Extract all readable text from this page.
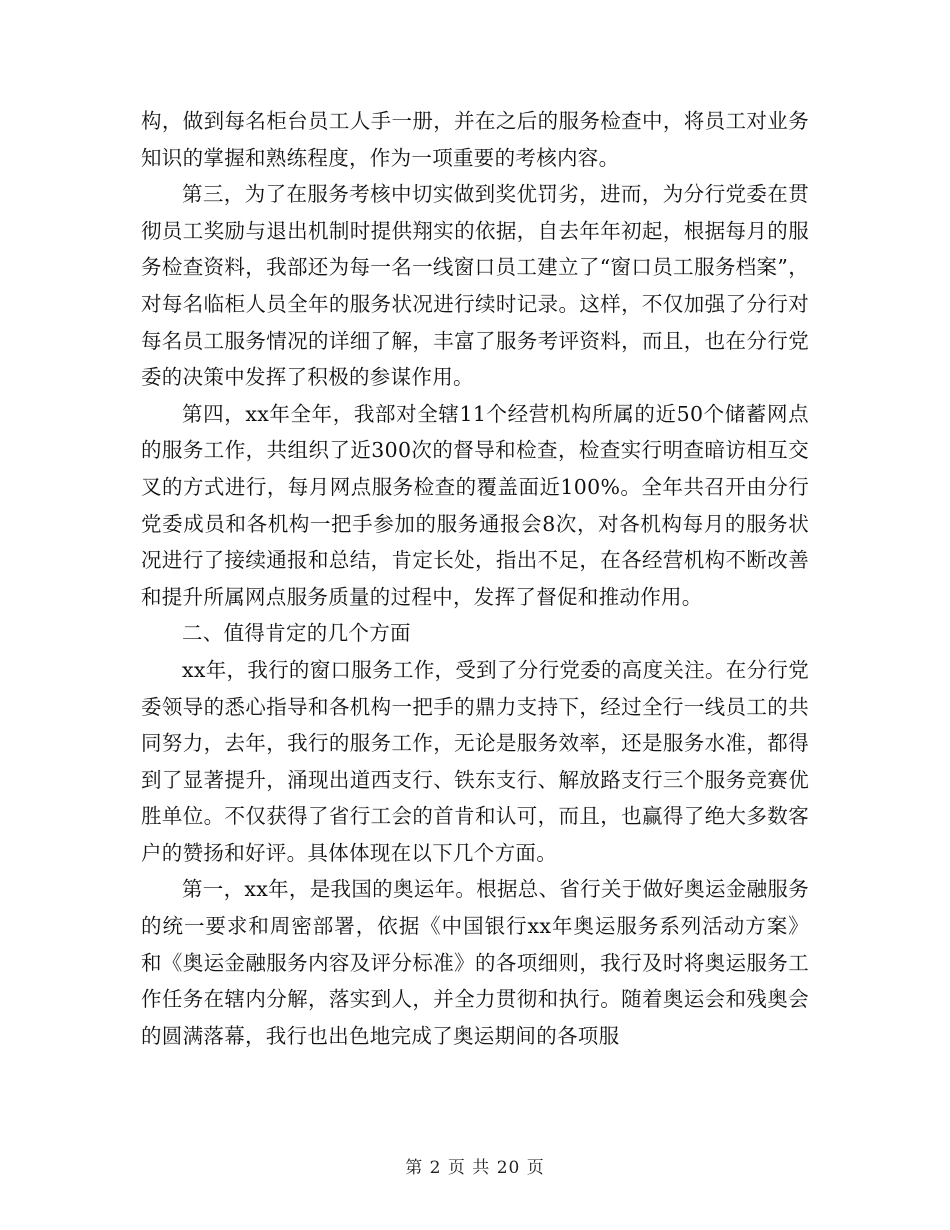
构，做到每名柜台员工人手一册，并在之后的服务检查中，将员工对业务知识的掌握和熟练程度，作为一项重要的考核内容。

第三，为了在服务考核中切实做到奖优罚劣，进而，为分行党委在贯彻员工奖励与退出机制时提供翔实的依据，自去年年初起，根据每月的服务检查资料，我部还为每一名一线窗口员工建立了“窗口员工服务档案”，对每名临柜人员全年的服务状况进行续时记录。这样，不仅加强了分行对每名员工服务情况的详细了解，丰富了服务考评资料，而且，也在分行党委的决策中发挥了积极的参谋作用。

第四，xx年全年，我部对全辖11个经营机构所属的近50个储蓄网点的服务工作，共组织了近300次的督导和检查，检查实行明查暗访相互交叉的方式进行，每月网点服务检查的覆盖面近100%。全年共召开由分行党委成员和各机构一把手参加的服务通报会8次，对各机构每月的服务状况进行了接续通报和总结，肯定长处，指出不足，在各经营机构不断改善和提升所属网点服务质量的过程中，发挥了督促和推动作用。

二、值得肯定的几个方面

xx年，我行的窗口服务工作，受到了分行党委的高度关注。在分行党委领导的悉心指导和各机构一把手的鼎力支持下，经过全行一线员工的共同努力，去年，我行的服务工作，无论是服务效率，还是服务水准，都得到了显著提升，涌现出道西支行、铁东支行、解放路支行三个服务竞赛优胜单位。不仅获得了省行工会的首肯和认可，而且，也赢得了绝大多数客户的赞扬和好评。具体体现在以下几个方面。

第一，xx年，是我国的奥运年。根据总、省行关于做好奥运金融服务的统一要求和周密部署，依据《中国银行xx年奥运服务系列活动方案》和《奥运金融服务内容及评分标准》的各项细则，我行及时将奥运服务工作任务在辖内分解，落实到人，并全力贯彻和执行。随着奥运会和残奥会的圆满落幕，我行也出色地完成了奥运期间的各项服

第 2 页 共 20 页
